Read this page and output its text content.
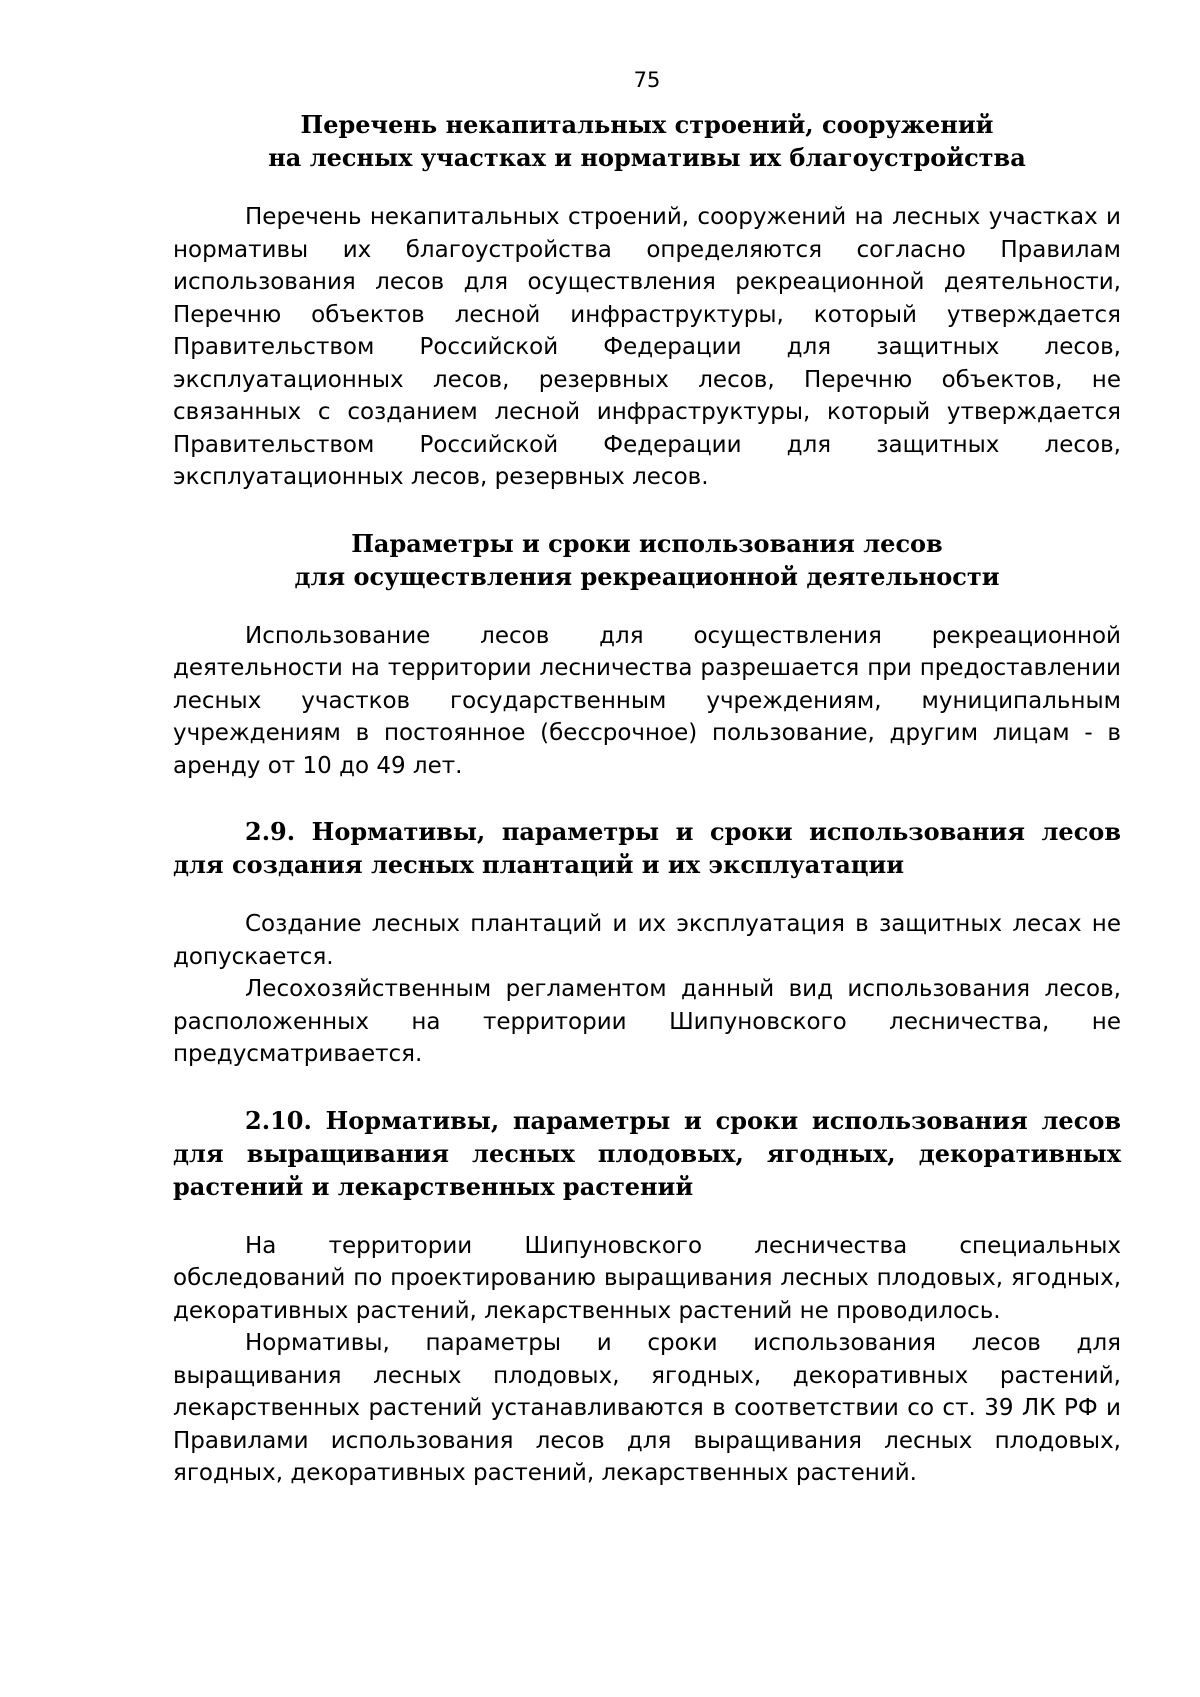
75

Перечень некапитальных строений, сооружений

на лесных участках и нормативы их благоустройства

Перечень некапитальных строений, сооружений на лесных участках и нормативы их благоустройства определяются согласно Правилам использования лесов для осуществления рекреационной деятельности, Перечню объектов лесной инфраструктуры, который утверждается Правительством Российской Федерации для защитных лесов, эксплуатационных лесов, резервных лесов, Перечню объектов, не связанных с созданием лесной инфраструктуры, который утверждается Правительством Российской Федерации для защитных лесов, эксплуатационных лесов, резервных лесов.

Параметры и сроки использования лесов

для осуществления рекреационной деятельности

Использование лесов для осуществления рекреационной деятельности на территории лесничества разрешается при предоставлении лесных участков государственным учреждениям, муниципальным учреждениям в постоянное (бессрочное) пользование, другим лицам - в аренду от 10 до 49 лет.

2.9. Нормативы, параметры и сроки использования лесов для создания лесных плантаций и их эксплуатации

Создание лесных плантаций и их эксплуатация в защитных лесах не допускается.

Лесохозяйственным регламентом данный вид использования лесов, расположенных на территории Шипуновского лесничества, не предусматривается.

2.10. Нормативы, параметры и сроки использования лесов для выращивания лесных плодовых, ягодных, декоративных растений и лекарственных растений

На территории Шипуновского лесничества специальных обследований по проектированию выращивания лесных плодовых, ягодных, декоративных растений, лекарственных растений не проводилось.

Нормативы, параметры и сроки использования лесов для выращивания лесных плодовых, ягодных, декоративных растений, лекарственных растений устанавливаются в соответствии со ст. 39 ЛК РФ и Правилами использования лесов для выращивания лесных плодовых, ягодных, декоративных растений, лекарственных растений.
